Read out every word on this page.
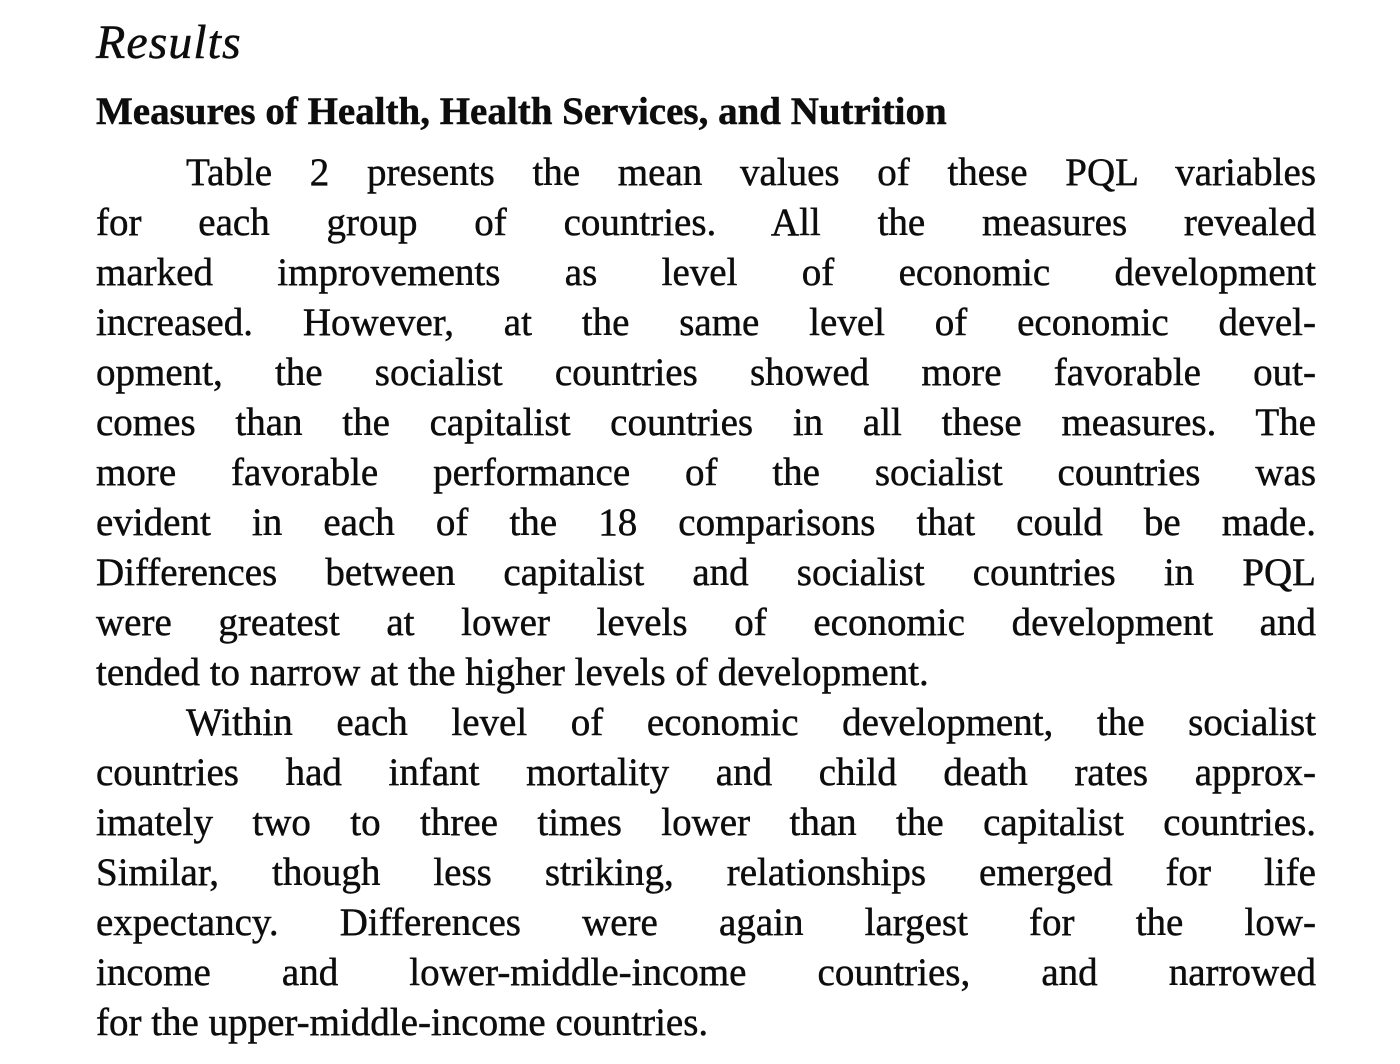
Results
Measures of Health, Health Services, and Nutrition
Table 2 presents the mean values of these PQL variables
for each group of countries. All the measures revealed
marked improvements as level of economic development
increased. However, at the same level of economic devel-
opment, the socialist countries showed more favorable out-
comes than the capitalist countries in all these measures. The
more favorable performance of the socialist countries was
evident in each of the 18 comparisons that could be made.
Differences between capitalist and socialist countries in PQL
were greatest at lower levels of economic development and
tended to narrow at the higher levels of development.
Within each level of economic development, the socialist
countries had infant mortality and child death rates approx-
imately two to three times lower than the capitalist countries.
Similar, though less striking, relationships emerged for life
expectancy. Differences were again largest for the low-
income and lower-middle-income countries, and narrowed
for the upper-middle-income countries.
